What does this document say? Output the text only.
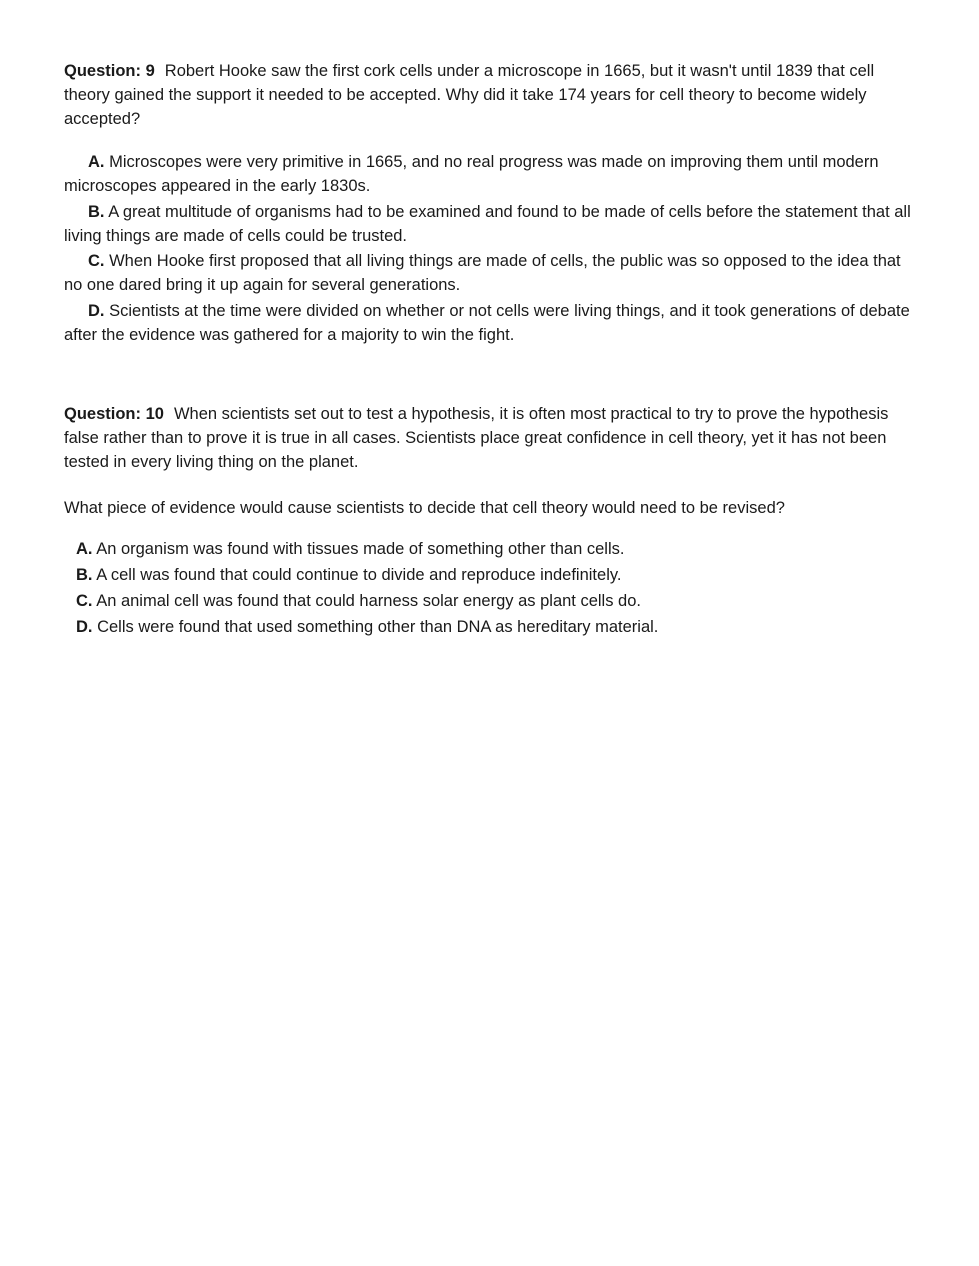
Question: 9 Robert Hooke saw the first cork cells under a microscope in 1665, but it wasn't until 1839 that cell theory gained the support it needed to be accepted. Why did it take 174 years for cell theory to become widely accepted?

A. Microscopes were very primitive in 1665, and no real progress was made on improving them until modern microscopes appeared in the early 1830s.

B. A great multitude of organisms had to be examined and found to be made of cells before the statement that all living things are made of cells could be trusted.

C. When Hooke first proposed that all living things are made of cells, the public was so opposed to the idea that no one dared bring it up again for several generations.

D. Scientists at the time were divided on whether or not cells were living things, and it took generations of debate after the evidence was gathered for a majority to win the fight.

Question: 10 When scientists set out to test a hypothesis, it is often most practical to try to prove the hypothesis false rather than to prove it is true in all cases. Scientists place great confidence in cell theory, yet it has not been tested in every living thing on the planet.

What piece of evidence would cause scientists to decide that cell theory would need to be revised?

A. An organism was found with tissues made of something other than cells.

B. A cell was found that could continue to divide and reproduce indefinitely.

C. An animal cell was found that could harness solar energy as plant cells do.

D. Cells were found that used something other than DNA as hereditary material.
